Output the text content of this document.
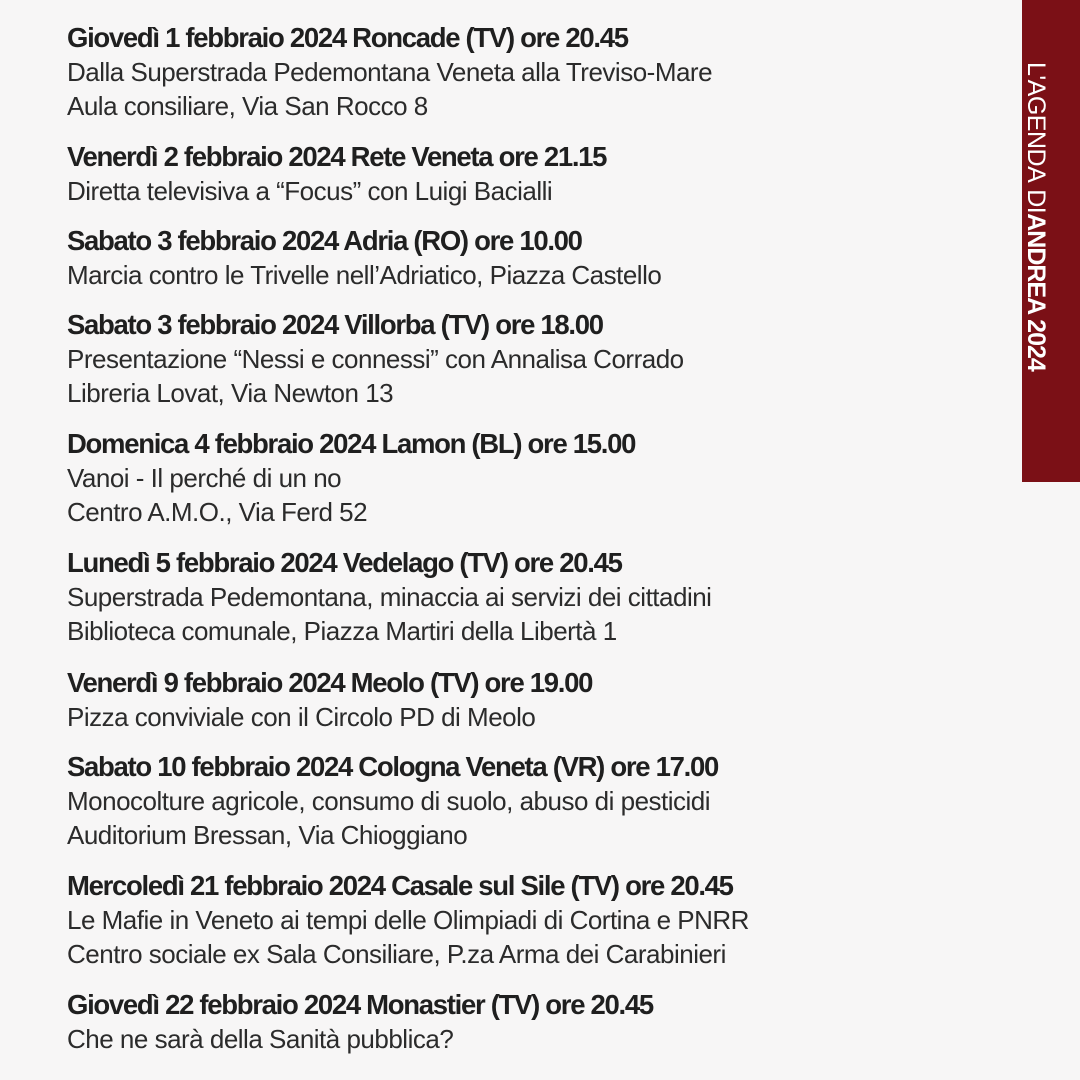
Giovedì 1 febbraio 2024 Roncade (TV) ore 20.45
Dalla Superstrada Pedemontana Veneta alla Treviso-Mare
Aula consiliare, Via San Rocco 8
Venerdì 2 febbraio 2024 Rete Veneta ore 21.15
Diretta televisiva a “Focus” con Luigi Bacialli
Sabato 3 febbraio 2024 Adria (RO) ore 10.00
Marcia contro le Trivelle nell’Adriatico, Piazza Castello
Sabato 3 febbraio 2024 Villorba (TV) ore 18.00
Presentazione “Nessi e connessi” con Annalisa Corrado
Libreria Lovat, Via Newton 13
Domenica 4 febbraio 2024 Lamon (BL) ore 15.00
Vanoi - Il perché di un no
Centro A.M.O., Via Ferd 52
Lunedì 5 febbraio 2024 Vedelago (TV) ore 20.45
Superstrada Pedemontana, minaccia ai servizi dei cittadini
Biblioteca comunale, Piazza Martiri della Libertà 1
Venerdì 9 febbraio 2024 Meolo (TV) ore 19.00
Pizza conviviale con il Circolo PD di Meolo
Sabato 10 febbraio 2024 Cologna Veneta (VR) ore 17.00
Monocolture agricole, consumo di suolo, abuso di pesticidi
Auditorium Bressan, Via Chioggiano
Mercoledì 21 febbraio 2024 Casale sul Sile (TV) ore 20.45
Le Mafie in Veneto ai tempi delle Olimpiadi di Cortina e PNRR
Centro sociale ex Sala Consiliare, P.za Arma dei Carabinieri
Giovedì 22 febbraio 2024 Monastier (TV) ore 20.45
Che ne sarà della Sanità pubblica?
L'AGENDA DIANDREA 2024
